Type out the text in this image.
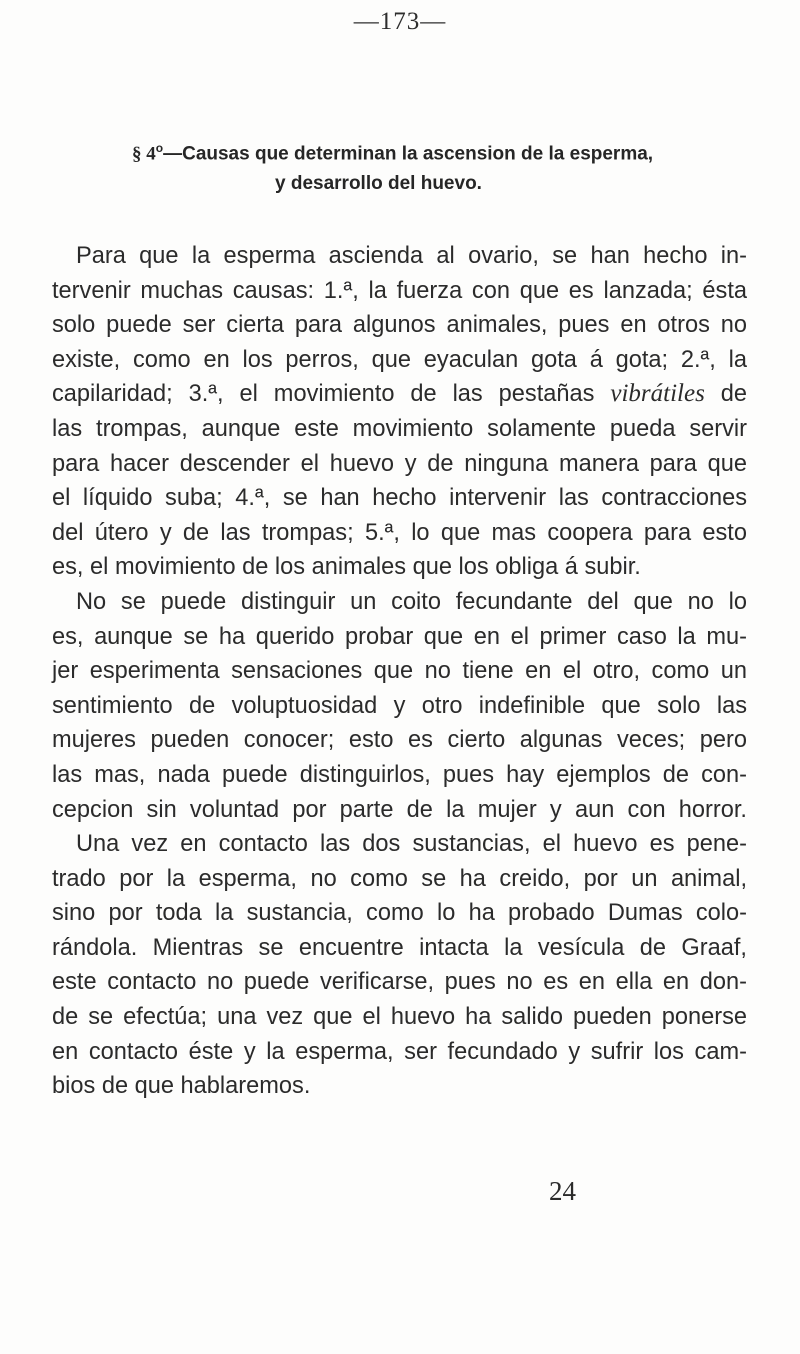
—173—
§ 4$^o$—Causas que determinan la ascension de la esperma,
y desarrollo del huevo.
Para que la esperma ascienda al ovario, se han hecho in-
tervenir muchas causas: 1.ª, la fuerza con que es lanzada; ésta
solo puede ser cierta para algunos animales, pues en otros no
existe, como en los perros, que eyaculan gota á gota; 2.ª, la
capilaridad; 3.ª, el movimiento de las pestañas vibrátiles de
las trompas, aunque este movimiento solamente pueda servir
para hacer descender el huevo y de ninguna manera para que
el líquido suba; 4.ª, se han hecho intervenir las contracciones
del útero y de las trompas; 5.ª, lo que mas coopera para esto
es, el movimiento de los animales que los obliga á subir.
No se puede distinguir un coito fecundante del que no lo
es, aunque se ha querido probar que en el primer caso la mu-
jer esperimenta sensaciones que no tiene en el otro, como un
sentimiento de voluptuosidad y otro indefinible que solo las
mujeres pueden conocer; esto es cierto algunas veces; pero
las mas, nada puede distinguirlos, pues hay ejemplos de con-
cepcion sin voluntad por parte de la mujer y aun con horror.
Una vez en contacto las dos sustancias, el huevo es pene-
trado por la esperma, no como se ha creido, por un animal,
sino por toda la sustancia, como lo ha probado Dumas colo-
rándola. Mientras se encuentre intacta la vesícula de Graaf,
este contacto no puede verificarse, pues no es en ella en don-
de se efectúa; una vez que el huevo ha salido pueden ponerse
en contacto éste y la esperma, ser fecundado y sufrir los cam-
bios de que hablaremos.
24
